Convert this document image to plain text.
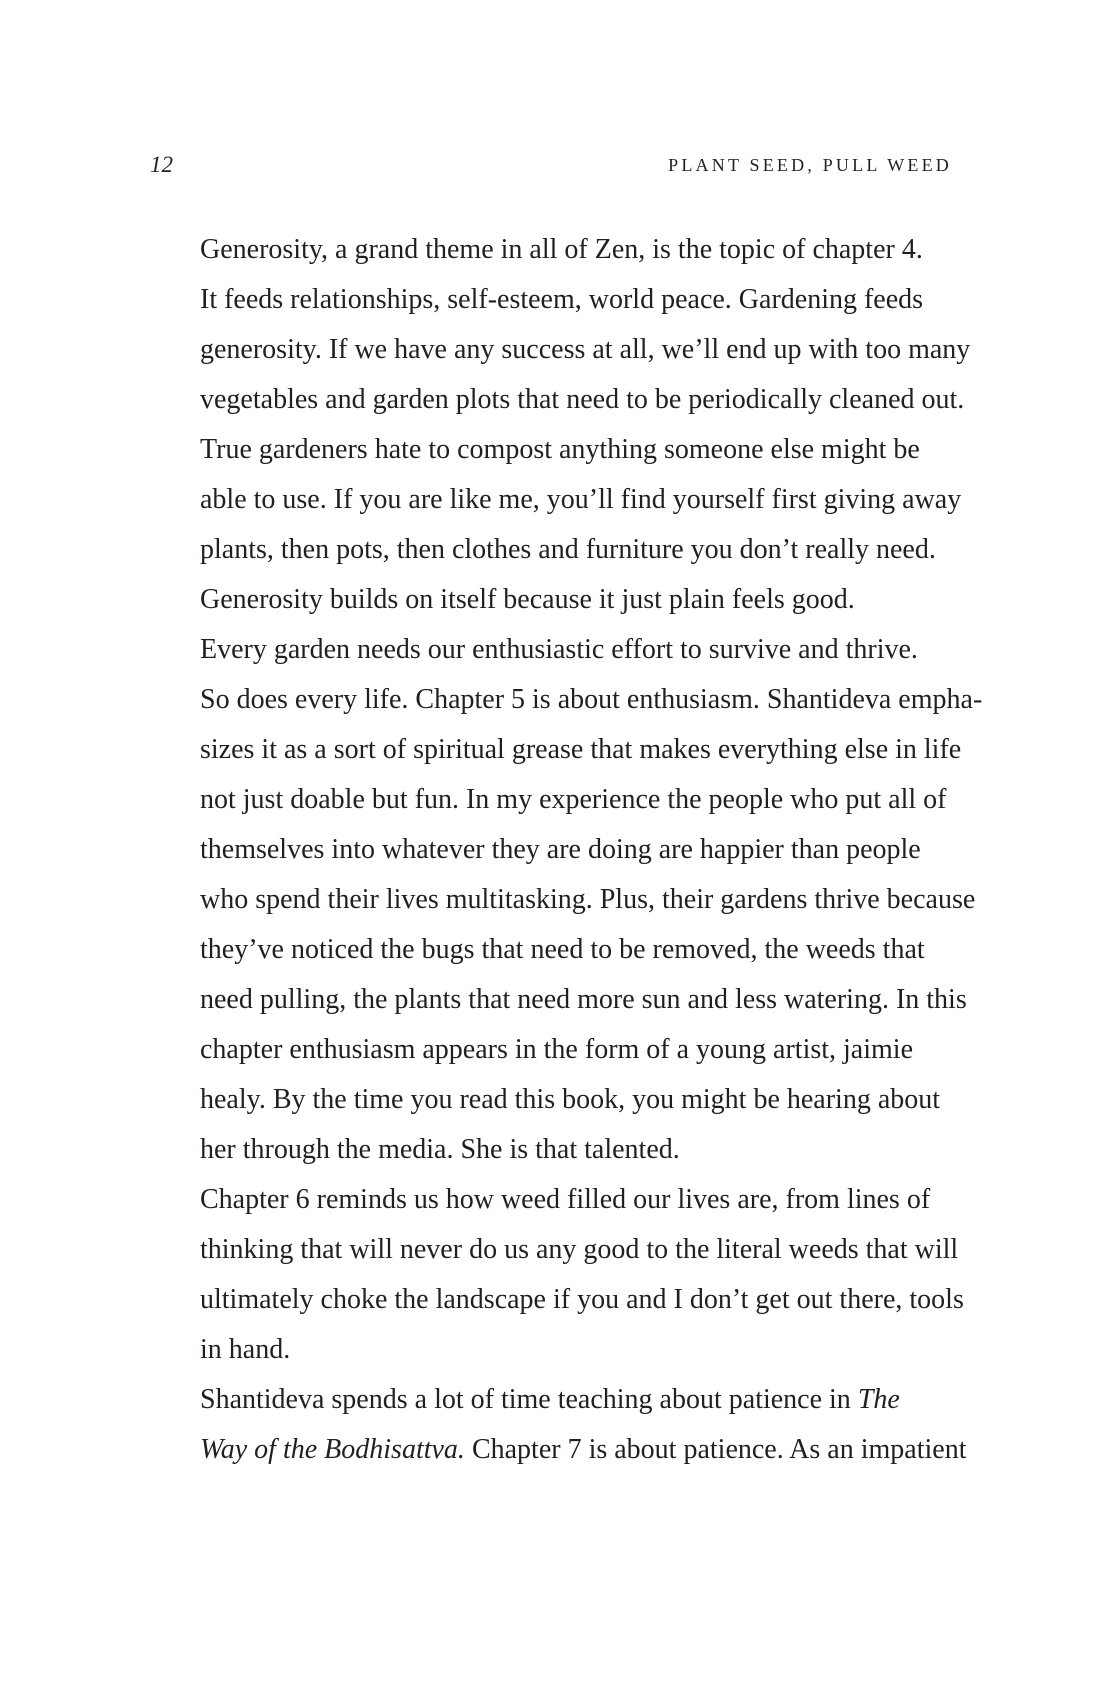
12	PLANT SEED, PULL WEED

Generosity, a grand theme in all of Zen, is the topic of chapter 4.
It feeds relationships, self-esteem, world peace. Gardening feeds
generosity. If we have any success at all, we’ll end up with too many
vegetables and garden plots that need to be periodically cleaned out.
True gardeners hate to compost anything someone else might be
able to use. If you are like me, you’ll find yourself first giving away
plants, then pots, then clothes and furniture you don’t really need.
Generosity builds on itself because it just plain feels good.

Every garden needs our enthusiastic effort to survive and thrive.
So does every life. Chapter 5 is about enthusiasm. Shantideva empha-
sizes it as a sort of spiritual grease that makes everything else in life
not just doable but fun. In my experience the people who put all of
themselves into whatever they are doing are happier than people
who spend their lives multitasking. Plus, their gardens thrive because
they’ve noticed the bugs that need to be removed, the weeds that
need pulling, the plants that need more sun and less watering. In this
chapter enthusiasm appears in the form of a young artist, jaimie
healy. By the time you read this book, you might be hearing about
her through the media. She is that talented.

Chapter 6 reminds us how weed filled our lives are, from lines of
thinking that will never do us any good to the literal weeds that will
ultimately choke the landscape if you and I don’t get out there, tools
in hand.

Shantideva spends a lot of time teaching about patience in The
Way of the Bodhisattva. Chapter 7 is about patience. As an impatient
